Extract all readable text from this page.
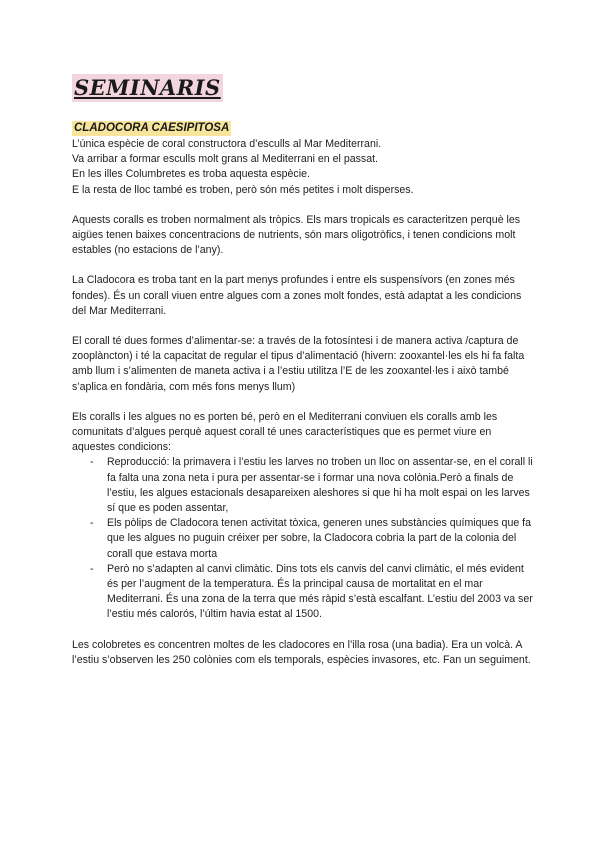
SEMINARIS
CLADOCORA CAESIPITOSA

L’única espècie de coral constructora d’esculls al Mar Mediterrani.
Va arribar a formar esculls molt grans al Mediterrani en el passat.
En les illes Columbretes es troba aquesta espècie.
E la resta de lloc també es troben, però són més petites i molt disperses.

Aquests coralls es troben normalment als tròpics. Els mars tropicals es caracteritzen perquè les aigües tenen baixes concentracions de nutrients, són mars oligotròfics, i tenen condicions molt estables (no estacions de l’any).

La Cladocora es troba tant en la part menys profundes i entre els suspensívors (en zones més fondes). És un corall viuen entre algues com a zones molt fondes, està adaptat a les condicions del Mar Mediterrani.

El corall té dues formes d’alimentar-se: a través de la fotosíntesi i de manera activa /captura de zooplàncton) i té la capacitat de regular el tipus d’alimentació (hivern: zooxantel·les els hi fa falta amb llum i s’alimenten de maneta activa i a l’estiu utilitza l’E de les zooxantel·les i això també s’aplica en fondària, com més fons menys llum)

Els coralls i les algues no es porten bé, però en el Mediterrani conviuen els coralls amb les comunitats d’algues perquè aquest corall té unes característiques que es permet viure en aquestes condicions:

- Reproducció: la primavera i l’estiu les larves no troben un lloc on assentar-se, en el corall li fa falta una zona neta i pura per assentar-se i formar una nova colònia.Però a finals de l’estiu, les algues estacionals desapareixen aleshores si que hi ha molt espai on les larves sí que es poden assentar,
- Els pòlips de Cladocora tenen activitat tòxica, generen unes substàncies químiques que fa que les algues no puguin créixer per sobre, la Cladocora cobria la part de la colonia del corall que estava morta
- Però no s’adapten al canvi climàtic. Dins tots els canvis del canvi climàtic, el més evident és per l’augment de la temperatura. És la principal causa de mortalitat en el mar Mediterrani. És una zona de la terra que més ràpid s’està escalfant. L’estiu del 2003 va ser l’estiu més calorós, l’últim havia estat al 1500.

Les colobretes es concentren moltes de les cladocores en l’illa rosa (una badia). Era un volcà. A l’estiu s’observen les 250 colònies com els temporals, espècies invasores, etc. Fan un seguiment.
